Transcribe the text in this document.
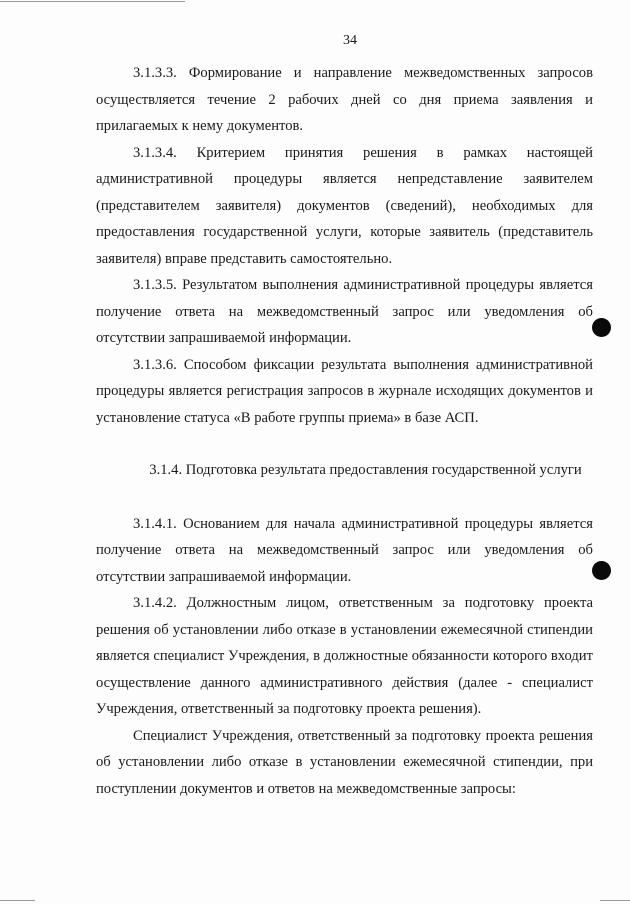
34

3.1.3.3. Формирование и направление межведомственных запросов осуществляется течение 2 рабочих дней со дня приема заявления и прилагаемых к нему документов.

3.1.3.4. Критерием принятия решения в рамках настоящей административной процедуры является непредставление заявителем (представителем заявителя) документов (сведений), необходимых для предоставления государственной услуги, которые заявитель (представитель заявителя) вправе представить самостоятельно.

3.1.3.5. Результатом выполнения административной процедуры является получение ответа на межведомственный запрос или уведомления об отсутствии запрашиваемой информации.

3.1.3.6. Способом фиксации результата выполнения административной процедуры является регистрация запросов в журнале исходящих документов и установление статуса «В работе группы приема» в базе АСП.

3.1.4. Подготовка результата предоставления государственной услуги

3.1.4.1. Основанием для начала административной процедуры является получение ответа на межведомственный запрос или уведомления об отсутствии запрашиваемой информации.

3.1.4.2. Должностным лицом, ответственным за подготовку проекта решения об установлении либо отказе в установлении ежемесячной стипендии является специалист Учреждения, в должностные обязанности которого входит осуществление данного административного действия (далее - специалист Учреждения, ответственный за подготовку проекта решения).

Специалист Учреждения, ответственный за подготовку проекта решения об установлении либо отказе в установлении ежемесячной стипендии, при поступлении документов и ответов на межведомственные запросы:
